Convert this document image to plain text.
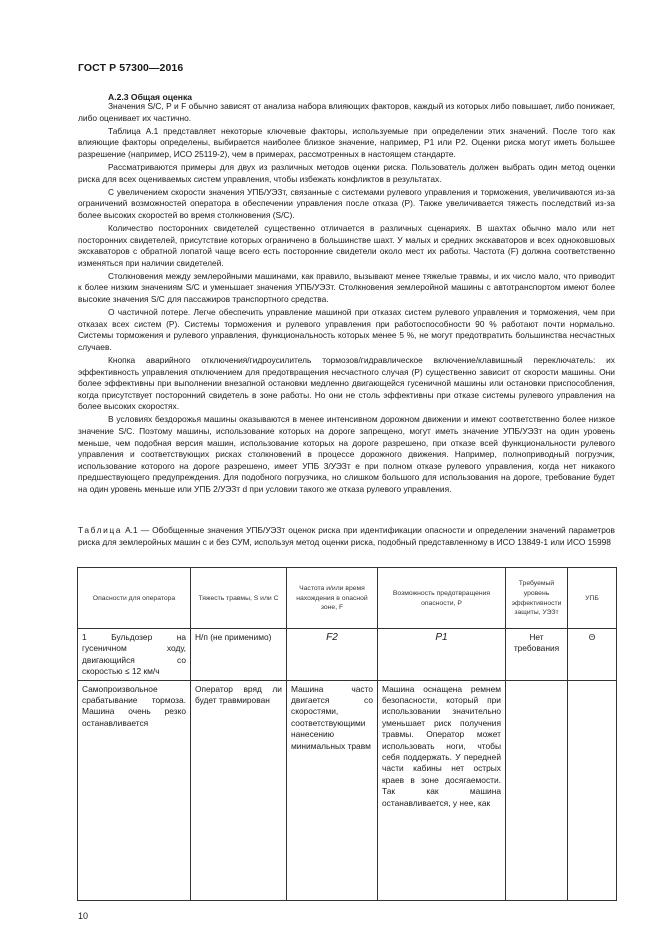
ГОСТ Р 57300—2016
А.2.3 Общая оценка

Значения S/C, P и F обычно зависят от анализа набора влияющих факторов, каждый из которых либо повышает, либо понижает, либо оценивает их частично.

Таблица А.1 представляет некоторые ключевые факторы, используемые при определении этих значений. После того как влияющие факторы определены, выбирается наиболее близкое значение, например, P1 или P2. Оценки риска могут иметь большее разрешение (например, ИСО 25119-2), чем в примерах, рассмотренных в настоящем стандарте.

Рассматриваются примеры для двух из различных методов оценки риска. Пользователь должен выбрать один метод оценки риска для всех оцениваемых систем управления, чтобы избежать конфликтов в результатах.

С увеличением скорости значения УПБ/УЭЗт, связанные с системами рулевого управления и торможения, увеличиваются из-за ограничений возможностей оператора в обеспечении управления после отказа (P). Также увеличивается тяжесть последствий из-за более высоких скоростей во время столкновения (S/C).

Количество посторонних свидетелей существенно отличается в различных сценариях. В шахтах обычно мало или нет посторонних свидетелей, присутствие которых ограничено в большинстве шахт. У малых и средних экскаваторов и всех одноковшовых экскаваторов с обратной лопатой чаще всего есть посторонние свидетели около мест их работы. Частота (F) должна соответственно изменяться при наличии свидетелей.

Столкновения между землеройными машинами, как правило, вызывают менее тяжелые травмы, и их число мало, что приводит к более низким значениям S/C и уменьшает значения УПБ/УЭЗт. Столкновения землеройной машины с автотранспортом имеют более высокие значения S/C для пассажиров транспортного средства.

О частичной потере. Легче обеспечить управление машиной при отказах систем рулевого управления и торможения, чем при отказах всех систем (P). Системы торможения и рулевого управления при работоспособности 90 % работают почти нормально. Системы торможения и рулевого управления, функциональность которых менее 5 %, не могут предотвратить большинства несчастных случаев.

Кнопка аварийного отключения/гидроусилитель тормозов/гидравлическое включение/клавишный переключатель: их эффективность управления отключением для предотвращения несчастного случая (P) существенно зависит от скорости машины. Они более эффективны при выполнении внезапной остановки медленно двигающейся гусеничной машины или остановки приспособления, когда присутствует посторонний свидетель в зоне работы. Но они не столь эффективны при отказе системы рулевого управления на более высоких скоростях.

В условиях бездорожья машины оказываются в менее интенсивном дорожном движении и имеют соответственно более низкое значение S/C. Поэтому машины, использование которых на дороге запрещено, могут иметь значение УПБ/УЭЗт на один уровень меньше, чем подобная версия машин, использование которых на дороге разрешено, при отказе всей функциональности рулевого управления и соответствующих рисках столкновений в процессе дорожного движения. Например, полноприводный погрузчик, использование которого на дороге разрешено, имеет УПБ 3/УЭЗт e при полном отказе рулевого управления, когда нет никакого предшествующего предупреждения. Для подобного погрузчика, но слишком большого для использования на дороге, требование будет на один уровень меньше или УПБ 2/УЭЗт d при условии такого же отказа рулевого управления.

Таблица А.1 — Обобщенные значения УПБ/УЭЗт оценок риска при идентификации опасности и определении значений параметров риска для землеройных машин с и без СУМ, используя метод оценки риска, подобный представленному в ИСО 13849-1 или ИСО 15998
Опасности для оператора	Тяжесть травмы, S или C	Частота и/или время нахождения в опасной зоне, F	Возможность предотвращения опасности, P	Требуемый уровень эффективности защиты, УЭЗт	УПБ
1 Бульдозер на гусеничном ходу, двигающийся со скоростью ≤ 12 км/ч	Н/п (не применимо)	F2	P1	Нет требования	Θ
Самопроизвольное срабатывание тормоза. Машина очень резко останавливается	Оператор вряд ли будет травмирован	Машина часто двигается со скоростями, соответствующими нанесению минимальных травм	Машина оснащена ремнем безопасности, который при использовании значительно уменьшает риск получения травмы. Оператор может использовать ноги, чтобы себя поддержать. У передней части кабины нет острых краев в зоне досягаемости. Так как машина останавливается, у нее, как		
10
